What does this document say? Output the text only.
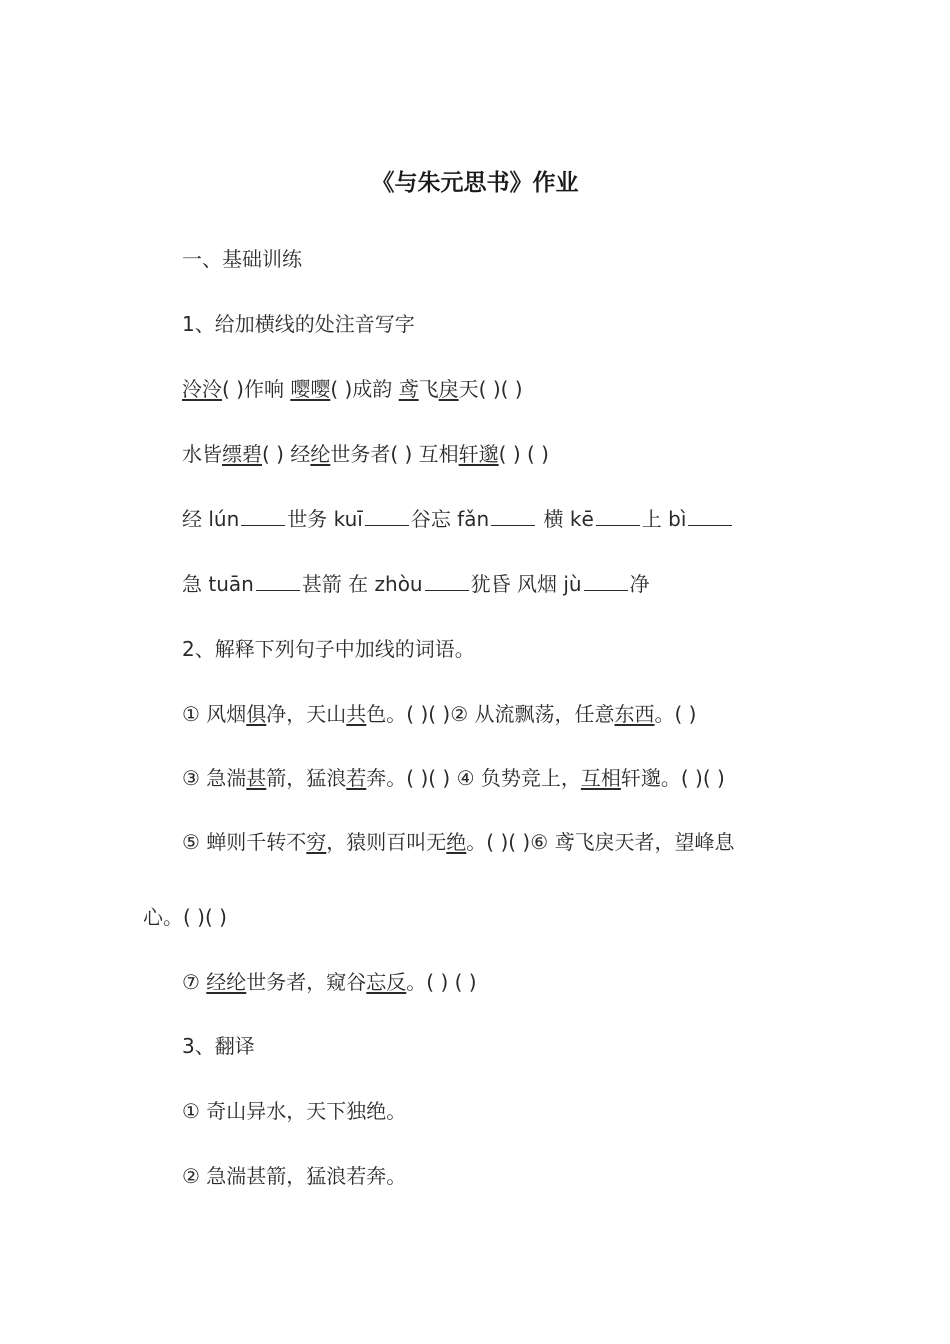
《与朱元思书》作业
一、基础训练
1、给加横线的处注音写字
泠泠( )作响 嘤嘤( )成韵 鸢飞戾天( )( )
水皆缥碧( ) 经纶世务者( ) 互相轩邈( ) ( )
经 lún 世务 kuī 谷忘 fǎn 横 kē 上 bì
急 tuān 甚箭 在 zhòu 犹昏 风烟 jù 净
2、解释下列句子中加线的词语。
① 风烟俱净，天山共色。( )( )② 从流飘荡，任意东西。( )
③ 急湍甚箭，猛浪若奔。( )( ) ④ 负势竞上，互相轩邈。( )( )
⑤ 蝉则千转不穷，猿则百叫无绝。( )( )⑥ 鸢飞戾天者，望峰息
心。( )( )
⑦ 经纶世务者，窥谷忘反。( ) ( )
3、翻译
① 奇山异水，天下独绝。
② 急湍甚箭，猛浪若奔。
